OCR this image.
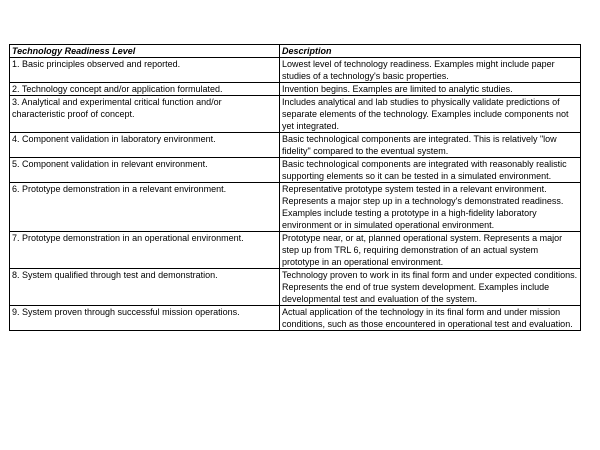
Technology Readiness Level	Description
1. Basic principles observed and reported.	Lowest level of technology readiness. Examples might include paper studies of a technology's basic properties.
2. Technology concept and/or application formulated.	Invention begins. Examples are limited to analytic studies.
3. Analytical and experimental critical function and/or characteristic proof of concept.	Includes analytical and lab studies to physically validate predictions of separate elements of the technology. Examples include components not yet integrated.
4. Component validation in laboratory environment.	Basic technological components are integrated. This is relatively "low fidelity" compared to the eventual system.
5. Component validation in relevant environment.	Basic technological components are integrated with reasonably realistic supporting elements so it can be tested in a simulated environment.
6. Prototype demonstration in a relevant environment.	Representative prototype system tested in a relevant environment. Represents a major step up in a technology's demonstrated readiness. Examples include testing a prototype in a high-fidelity laboratory environment or in simulated operational environment.
7. Prototype demonstration in an operational environment.	Prototype near, or at, planned operational system. Represents a major step up from TRL 6, requiring demonstration of an actual system prototype in an operational environment.
8. System qualified through test and demonstration.	Technology proven to work in its final form and under expected conditions. Represents the end of true system development. Examples include developmental test and evaluation of the system.
9. System proven through successful mission operations.	Actual application of the technology in its final form and under mission conditions, such as those encountered in operational test and evaluation.
